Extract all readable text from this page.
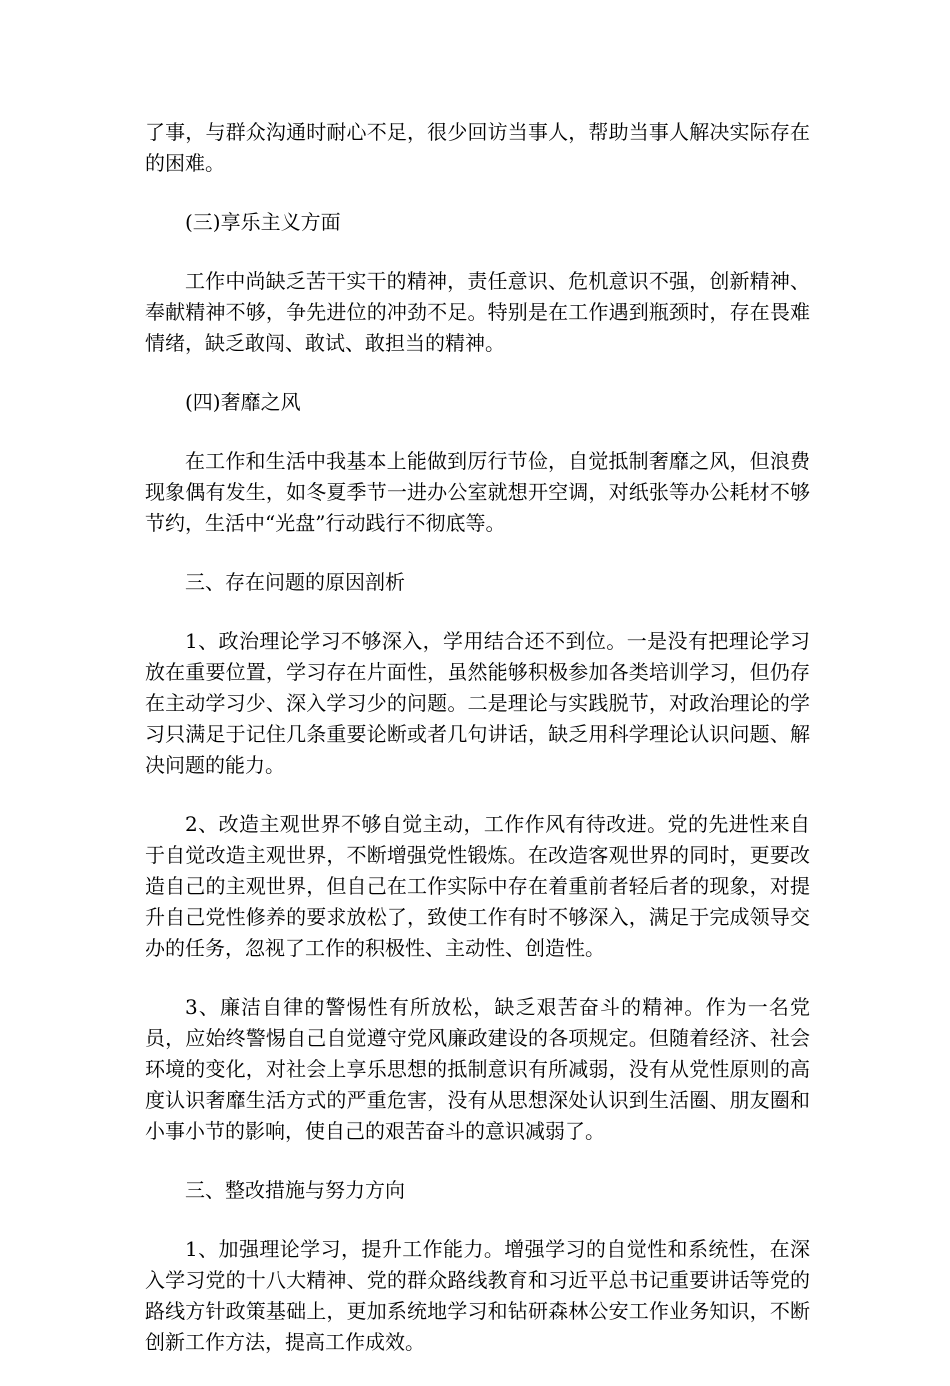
了事，与群众沟通时耐心不足，很少回访当事人，帮助当事人解决实际存在的困难。

(三)享乐主义方面

工作中尚缺乏苦干实干的精神，责任意识、危机意识不强，创新精神、奉献精神不够，争先进位的冲劲不足。特别是在工作遇到瓶颈时，存在畏难情绪，缺乏敢闯、敢试、敢担当的精神。

(四)奢靡之风

在工作和生活中我基本上能做到厉行节俭，自觉抵制奢靡之风，但浪费现象偶有发生，如冬夏季节一进办公室就想开空调，对纸张等办公耗材不够节约，生活中“光盘”行动践行不彻底等。

三、存在问题的原因剖析

1、政治理论学习不够深入，学用结合还不到位。一是没有把理论学习放在重要位置，学习存在片面性，虽然能够积极参加各类培训学习，但仍存在主动学习少、深入学习少的问题。二是理论与实践脱节，对政治理论的学习只满足于记住几条重要论断或者几句讲话，缺乏用科学理论认识问题、解决问题的能力。

2、改造主观世界不够自觉主动，工作作风有待改进。党的先进性来自于自觉改造主观世界，不断增强党性锻炼。在改造客观世界的同时，更要改造自己的主观世界，但自己在工作实际中存在着重前者轻后者的现象，对提升自己党性修养的要求放松了，致使工作有时不够深入，满足于完成领导交办的任务，忽视了工作的积极性、主动性、创造性。

3、廉洁自律的警惕性有所放松，缺乏艰苦奋斗的精神。作为一名党员，应始终警惕自己自觉遵守党风廉政建设的各项规定。但随着经济、社会环境的变化，对社会上享乐思想的抵制意识有所减弱，没有从党性原则的高度认识奢靡生活方式的严重危害，没有从思想深处认识到生活圈、朋友圈和小事小节的影响，使自己的艰苦奋斗的意识减弱了。

三、整改措施与努力方向

1、加强理论学习，提升工作能力。增强学习的自觉性和系统性，在深入学习党的十八大精神、党的群众路线教育和习近平总书记重要讲话等党的路线方针政策基础上，更加系统地学习和钻研森林公安工作业务知识，不断创新工作方法，提高工作成效。
